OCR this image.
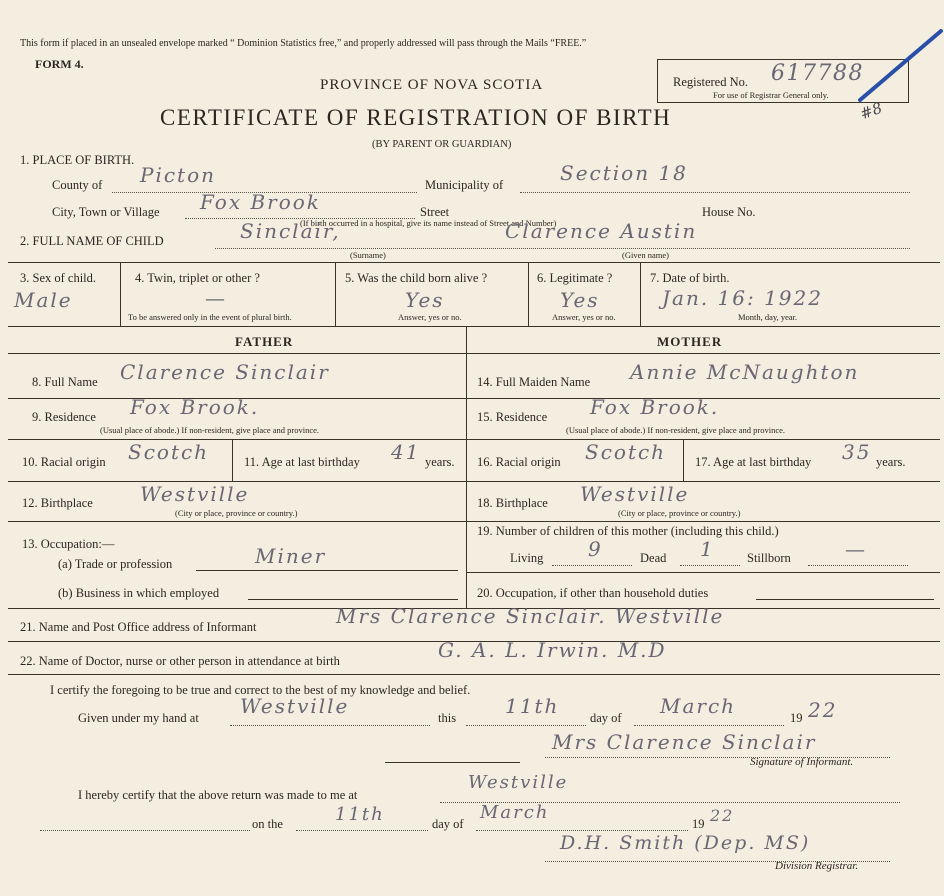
This form if placed in an unsealed envelope marked “ Dominion Statistics free,” and properly addressed will pass through the Mails “FREE.”
FORM 4.
PROVINCE OF NOVA SCOTIA
CERTIFICATE OF REGISTRATION OF BIRTH
(BY PARENT OR GUARDIAN)
Registered No. 617788
For use of Registrar General only.
#8
1. PLACE OF BIRTH.
County of Picton	Municipality of	Section 18
City, Town or Village Fox Brook	Street	House No.
(If birth occurred in a hospital, give its name instead of Street and Number)
2. FULL NAME OF CHILD	Sinclair,	Clarence Austin
(Surname)	(Given name)
3. Sex of child.
Male
4. Twin, triplet or other ?
—
To be answered only in the event of plural birth.
5. Was the child born alive ?
Yes
Answer, yes or no.
6. Legitimate ?
Yes
Answer, yes or no.
7. Date of birth.
Jan. 16: 1922
Month, day, year.
FATHER	MOTHER
8. Full Name Clarence Sinclair
9. Residence Fox Brook.
(Usual place of abode.) If non-resident, give place and province.
10. Racial origin Scotch	11. Age at last birthday 41 years.
12. Birthplace Westville
(City or place, province or country.)
13. Occupation:—
(a) Trade or profession	Miner
(b) Business in which employed
14. Full Maiden Name Annie McNaughton
15. Residence Fox Brook.
(Usual place of abode.) If non-resident, give place and province.
16. Racial origin Scotch 17. Age at last birthday 35 years.
18. Birthplace Westville
(City or place, province or country.)
19. Number of children of this mother (including this child.)
Living 9	Dead 1	Stillborn	—
20. Occupation, if other than household duties
21. Name and Post Office address of Informant	Mrs Clarence Sinclair. Westville
22. Name of Doctor, nurse or other person in attendance at birth	G. A. L. Irwin. M.D
I certify the foregoing to be true and correct to the best of my knowledge and belief.
Given under my hand at Westville	this 11th day of March	19 22
Mrs Clarence Sinclair
Signature of Informant.
I hereby certify that the above return was made to me at
Westville
on the	11th	day of
March
19 22
D.H. Smith (Dep. MS)
Division Registrar.
